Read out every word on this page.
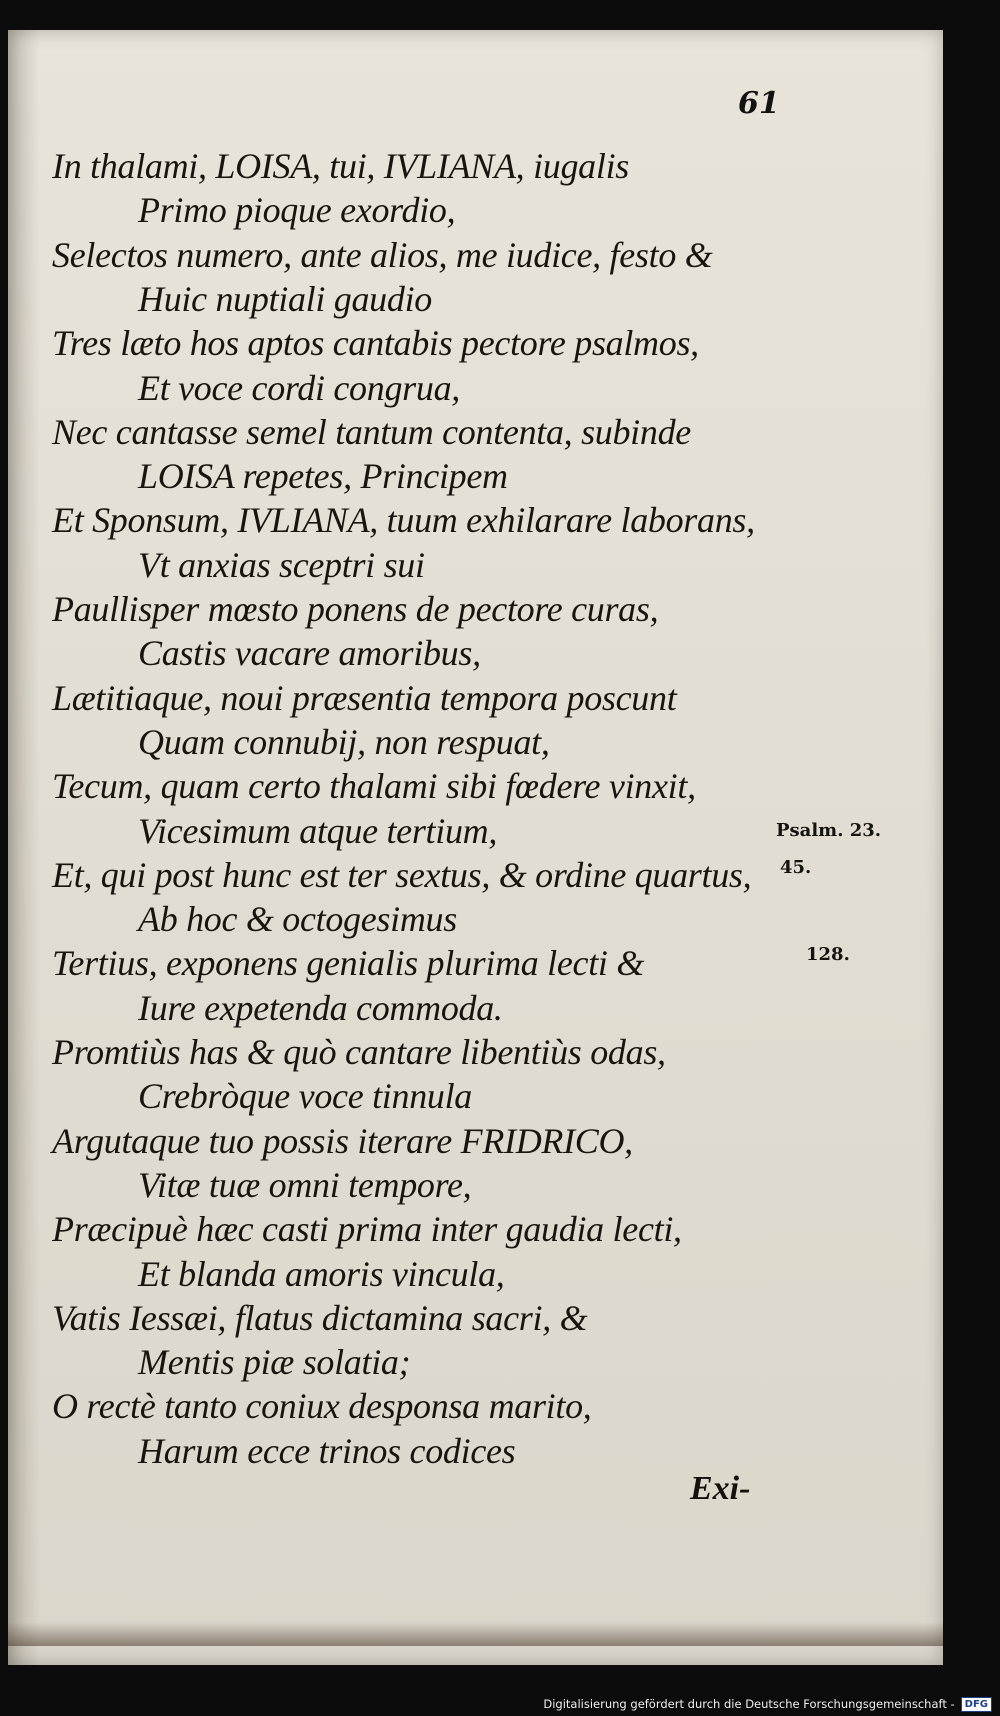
61
In thalami, LOISA, tui, IVLIANA, iugalis
Primo pioque exordio,
Selectos numero, ante alios, me iudice, festo &
Huic nuptiali gaudio
Tres læto hos aptos cantabis pectore psalmos,
Et voce cordi congrua,
Nec cantasse semel tantum contenta, subinde
LOISA repetes, Principem
Et Sponsum, IVLIANA, tuum exhilarare laborans,
Vt anxias sceptri sui
Paullisper mœsto ponens de pectore curas,
Castis vacare amoribus,
Lætitiaque, noui præsentia tempora poscunt
Quam connubij, non respuat,
Tecum, quam certo thalami sibi fœdere vinxit,
Vicesimum atque tertium,
Et, qui post hunc est ter sextus, & ordine quartus,
Ab hoc & octogesimus
Tertius, exponens genialis plurima lecti &
Iure expetenda commoda.
Promtiùs has & quò cantare libentiùs odas,
Crebròque voce tinnula
Argutaque tuo possis iterare FRIDRICO,
Vitæ tuæ omni tempore,
Præcipuè hæc casti prima inter gaudia lecti,
Et blanda amoris vincula,
Vatis Iessæi, flatus dictamina sacri, &
Mentis piæ solatia;
O rectè tanto coniux desponsa marito,
Harum ecce trinos codices
Psalm. 23.
45.
128.
Exi-
Digitalisierung gefördert durch die Deutsche Forschungsgemeinschaft -	DFG
